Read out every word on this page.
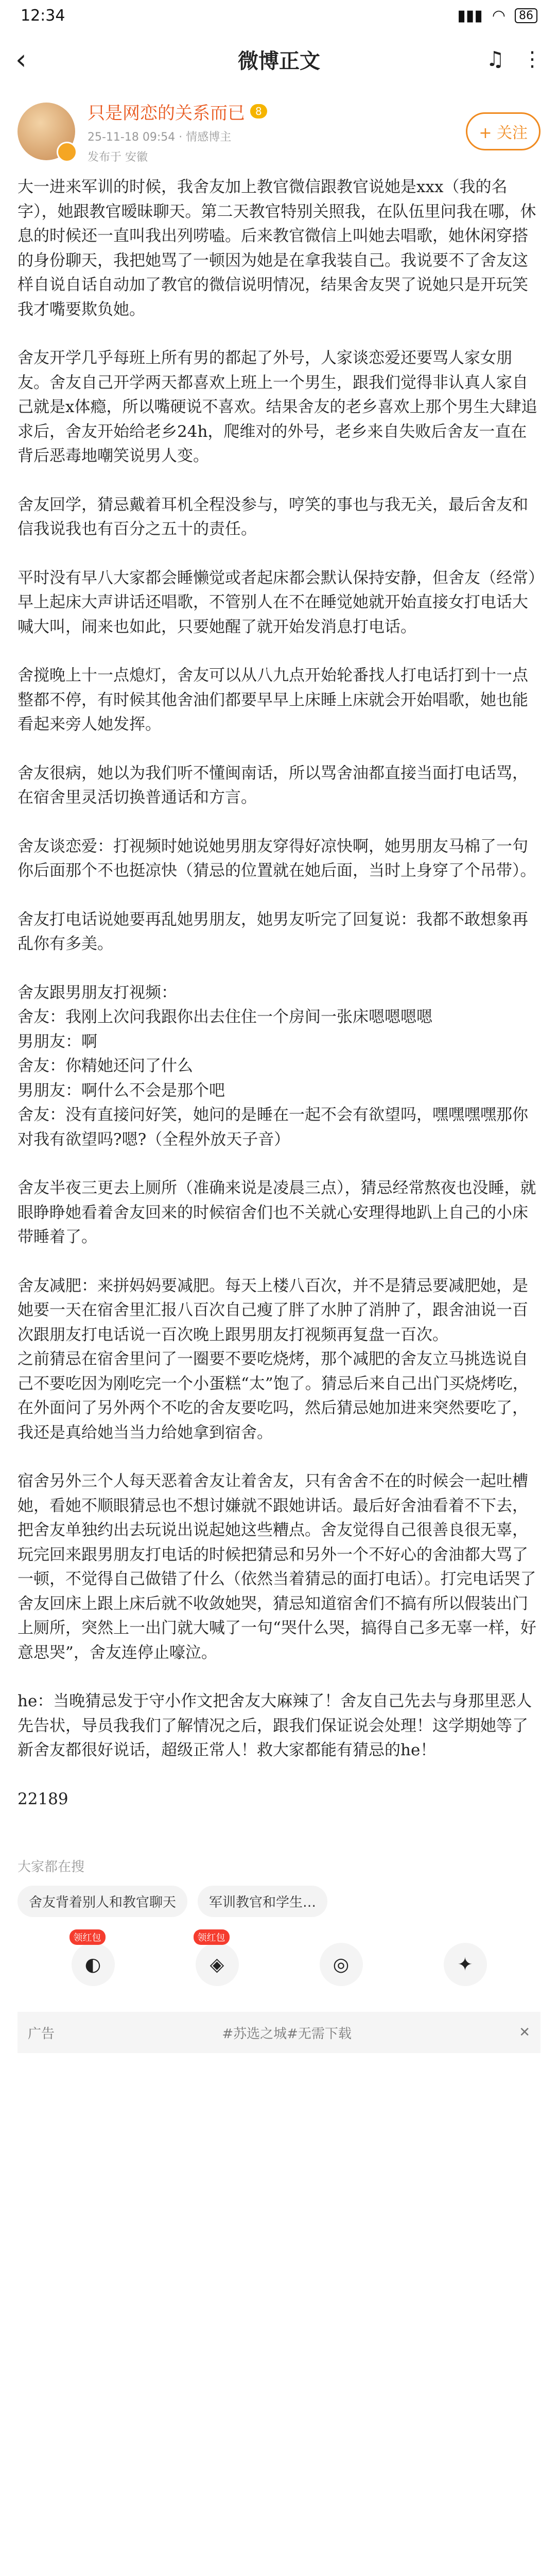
12:34	▮▮▮ ◠	86
‹	微博正文	♫ ⋮
只是网恋的关系而已	8
25-11-18 09:54 · 情感博主
发布于 安徽
+ 关注

大一进来军训的时候，我舍友加上教官微信跟教官说她是xxx（我的名字），她跟教官暧昧聊天。第二天教官特别关照我，在队伍里问我在哪，休息的时候还一直叫我出列唠嗑。后来教官微信上叫她去唱歌，她休闲穿搭的身份聊天，我把她骂了一顿因为她是在拿我装自己。我说要不了舍友这样自说自话自动加了教官的微信说明情况，结果舍友哭了说她只是开玩笑我才嘴要欺负她。

舍友开学几乎每班上所有男的都起了外号，人家谈恋爱还要骂人家女朋友。舍友自己开学两天都喜欢上班上一个男生，跟我们觉得非认真人家自己就是x体瘾，所以嘴硬说不喜欢。结果舍友的老乡喜欢上那个男生大肆追求后，舍友开始给老乡24h，爬维对的外号，老乡来自失败后舍友一直在背后恶毒地嘲笑说男人变。

舍友回学，猜忌戴着耳机全程没参与，哼笑的事也与我无关，最后舍友和信我说我也有百分之五十的责任。

平时没有早八大家都会睡懒觉或者起床都会默认保持安静，但舍友（经常）早上起床大声讲话还唱歌，不管别人在不在睡觉她就开始直接女打电话大喊大叫，闹来也如此，只要她醒了就开始发消息打电话。

舍搅晚上十一点熄灯，舍友可以从八九点开始轮番找人打电话打到十一点整都不停，有时候其他舍油们都要早早上床睡上床就会开始唱歌，她也能看起来旁人她发挥。

舍友很病，她以为我们听不懂闽南话，所以骂舍油都直接当面打电话骂，在宿舍里灵活切换普通话和方言。

舍友谈恋爱：打视频时她说她男朋友穿得好凉快啊，她男朋友马棉了一句你后面那个不也挺凉快（猜忌的位置就在她后面，当时上身穿了个吊带）。

舍友打电话说她要再乱她男朋友，她男友听完了回复说：我都不敢想象再乱你有多美。

舍友跟男朋友打视频：
舍友：我刚上次问我跟你出去住住一个房间一张床嗯嗯嗯嗯
男朋友：啊
舍友：你精她还问了什么
男朋友：啊什么不会是那个吧
舍友：没有直接问好笑，她问的是睡在一起不会有欲望吗，嘿嘿嘿嘿那你对我有欲望吗?嗯?（全程外放天子音）

舍友半夜三更去上厕所（准确来说是凌晨三点），猜忌经常熬夜也没睡，就眼睁睁她看着舍友回来的时候宿舍们也不关就心安理得地趴上自己的小床带睡着了。

舍友减肥：来拼妈妈要减肥。每天上楼八百次，并不是猜忌要减肥她，是她要一天在宿舍里汇报八百次自己瘦了胖了水肿了消肿了，跟舍油说一百次跟朋友打电话说一百次晚上跟男朋友打视频再复盘一百次。
之前猜忌在宿舍里问了一圈要不要吃烧烤，那个减肥的舍友立马挑选说自己不要吃因为刚吃完一个小蛋糕“太”饱了。猜忌后来自己出门买烧烤吃，在外面问了另外两个不吃的舍友要吃吗，然后猜忌她加进来突然要吃了，我还是真给她当当力给她拿到宿舍。

宿舍另外三个人每天恶着舍友让着舍友，只有舍舍不在的时候会一起吐槽她，看她不顺眼猜忌也不想讨嫌就不跟她讲话。最后好舍油看着不下去，把舍友单独约出去玩说出说起她这些糟点。舍友觉得自己很善良很无辜，玩完回来跟男朋友打电话的时候把猜忌和另外一个不好心的舍油都大骂了一顿，不觉得自己做错了什么（依然当着猜忌的面打电话）。打完电话哭了舍友回床上跟上床后就不收敛她哭，猜忌知道宿舍们不搞有所以假装出门上厕所，突然上一出门就大喊了一句“哭什么哭，搞得自己多无辜一样，好意思哭”，舍友连停止嚎泣。

he：当晚猜忌发于守小作文把舍友大麻辣了！舍友自己先去与身那里恶人先告状，导员我我们了解情况之后，跟我们保证说会处理！这学期她等了新舍友都很好说话，超级正常人！救大家都能有猜忌的he！

22189

大家都在搜
舍友背着别人和教官聊天	军训教官和学生…
◐
领红包
◈
领红包
◎	✦
广告	#苏选之城#无需下载	✕
